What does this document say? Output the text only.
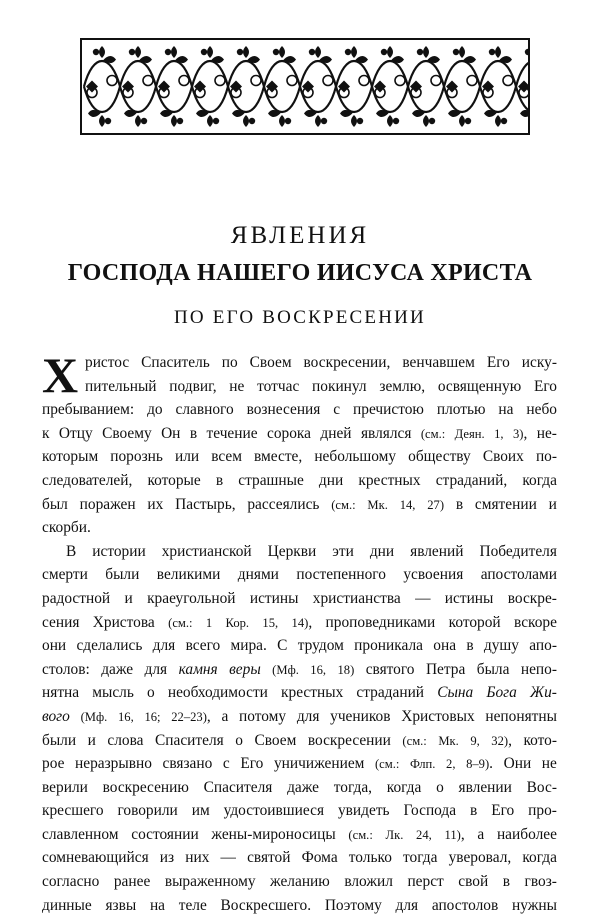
ЯВЛЕНИЯ
ГОСПОДА НАШЕГО ИИСУСА ХРИСТА
ПО ЕГО ВОСКРЕСЕНИИ
Х ристос Спаситель по Своем воскресении, венчавшем Его иску-
пительный подвиг, не тотчас покинул землю, освященную Его
пребыванием: до славного вознесения с пречистою плотью на небо
к Отцу Своему Он в течение сорока дней являлся (см.: Деян. 1, 3), не-
которым порознь или всем вместе, небольшому обществу Своих по-
следователей, которые в страшные дни крестных страданий, когда
был поражен их Пастырь, рассеялись (см.: Мк. 14, 27) в смятении и
скорби.
В истории христианской Церкви эти дни явлений Победителя
смерти были великими днями постепенного усвоения апостолами
радостной и краеугольной истины христианства — истины воскре-
сения Христова (см.: 1 Кор. 15, 14), проповедниками которой вскоре
они сделались для всего мира. С трудом проникала она в душу апо-
столов: даже для камня веры (Мф. 16, 18) святого Петра была непо-
нятна мысль о необходимости крестных страданий Сына Бога Жи-
вого (Мф. 16, 16; 22–23), а потому для учеников Христовых непонятны
были и слова Спасителя о Своем воскресении (см.: Мк. 9, 32), кото-
рое неразрывно связано с Его уничижением (см.: Флп. 2, 8–9). Они не
верили воскресению Спасителя даже тогда, когда о явлении Вос-
кресшего говорили им удостоившиеся увидеть Господа в Его про-
славленном состоянии жены-мироносицы (см.: Лк. 24, 11), а наиболее
сомневающийся из них — святой Фома только тогда уверовал, когда
согласно ранее выраженному желанию вложил перст свой в гвоз-
динные язвы на теле Воскресшего. Поэтому для апостолов нужны
